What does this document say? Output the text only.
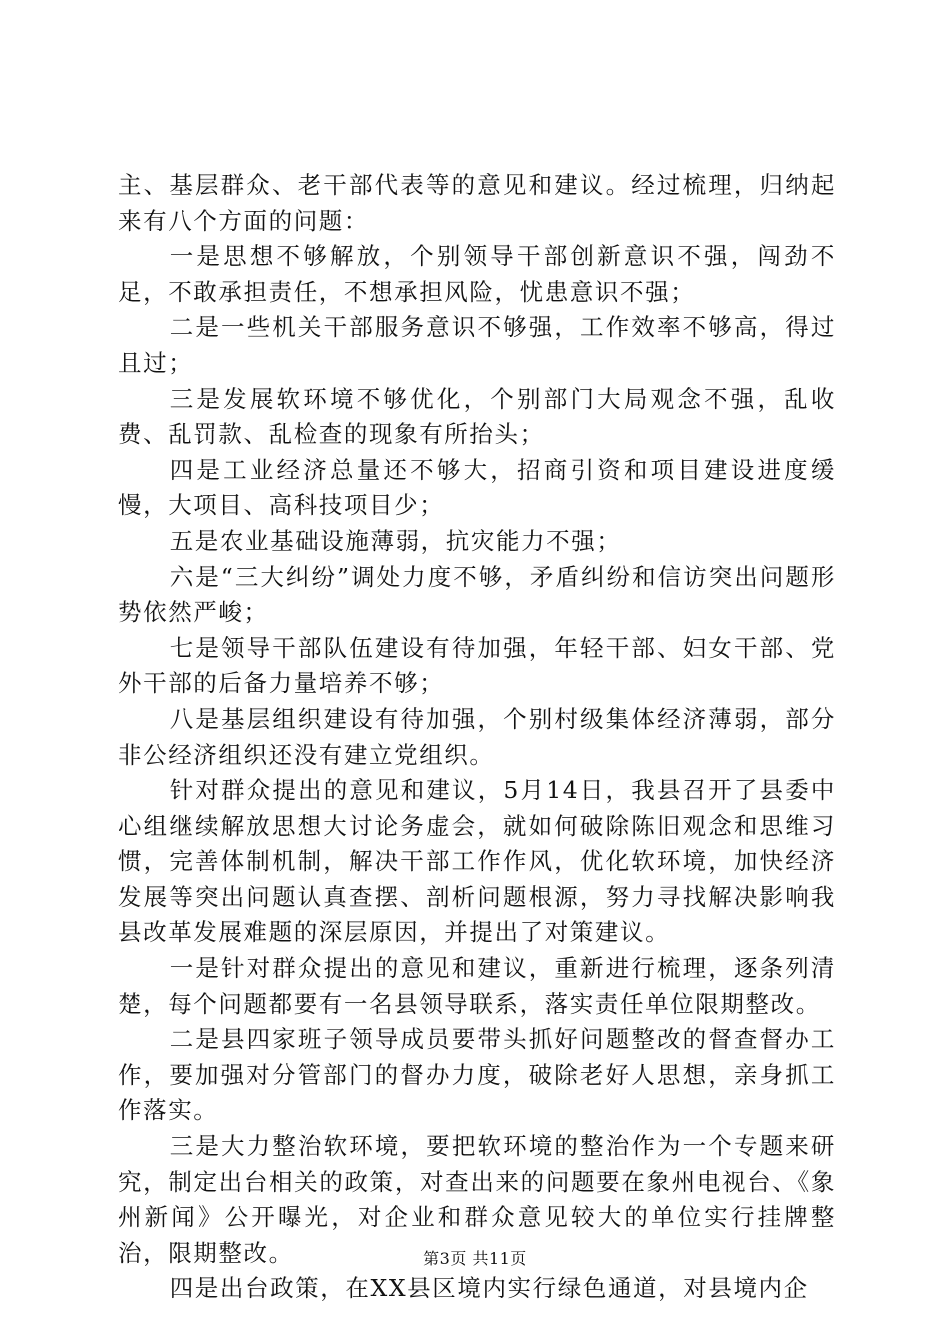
主、基层群众、老干部代表等的意见和建议。经过梳理，归纳起来有八个方面的问题：

一是思想不够解放，个别领导干部创新意识不强，闯劲不足，不敢承担责任，不想承担风险，忧患意识不强；

二是一些机关干部服务意识不够强，工作效率不够高，得过且过；

三是发展软环境不够优化，个别部门大局观念不强，乱收费、乱罚款、乱检查的现象有所抬头；

四是工业经济总量还不够大，招商引资和项目建设进度缓慢，大项目、高科技项目少；

五是农业基础设施薄弱，抗灾能力不强；

六是“三大纠纷”调处力度不够，矛盾纠纷和信访突出问题形势依然严峻；

七是领导干部队伍建设有待加强，年轻干部、妇女干部、党外干部的后备力量培养不够；

八是基层组织建设有待加强，个别村级集体经济薄弱，部分非公经济组织还没有建立党组织。

针对群众提出的意见和建议，5月14日，我县召开了县委中心组继续解放思想大讨论务虚会，就如何破除陈旧观念和思维习惯，完善体制机制，解决干部工作作风，优化软环境，加快经济发展等突出问题认真查摆、剖析问题根源，努力寻找解决影响我县改革发展难题的深层原因，并提出了对策建议。

一是针对群众提出的意见和建议，重新进行梳理，逐条列清楚，每个问题都要有一名县领导联系，落实责任单位限期整改。

二是县四家班子领导成员要带头抓好问题整改的督查督办工作，要加强对分管部门的督办力度，破除老好人思想，亲身抓工作落实。

三是大力整治软环境，要把软环境的整治作为一个专题来研究，制定出台相关的政策，对查出来的问题要在象州电视台、《象州新闻》公开曝光，对企业和群众意见较大的单位实行挂牌整治，限期整改。

四是出台政策，在XX县区境内实行绿色通道，对县境内企

第3页 共11页
